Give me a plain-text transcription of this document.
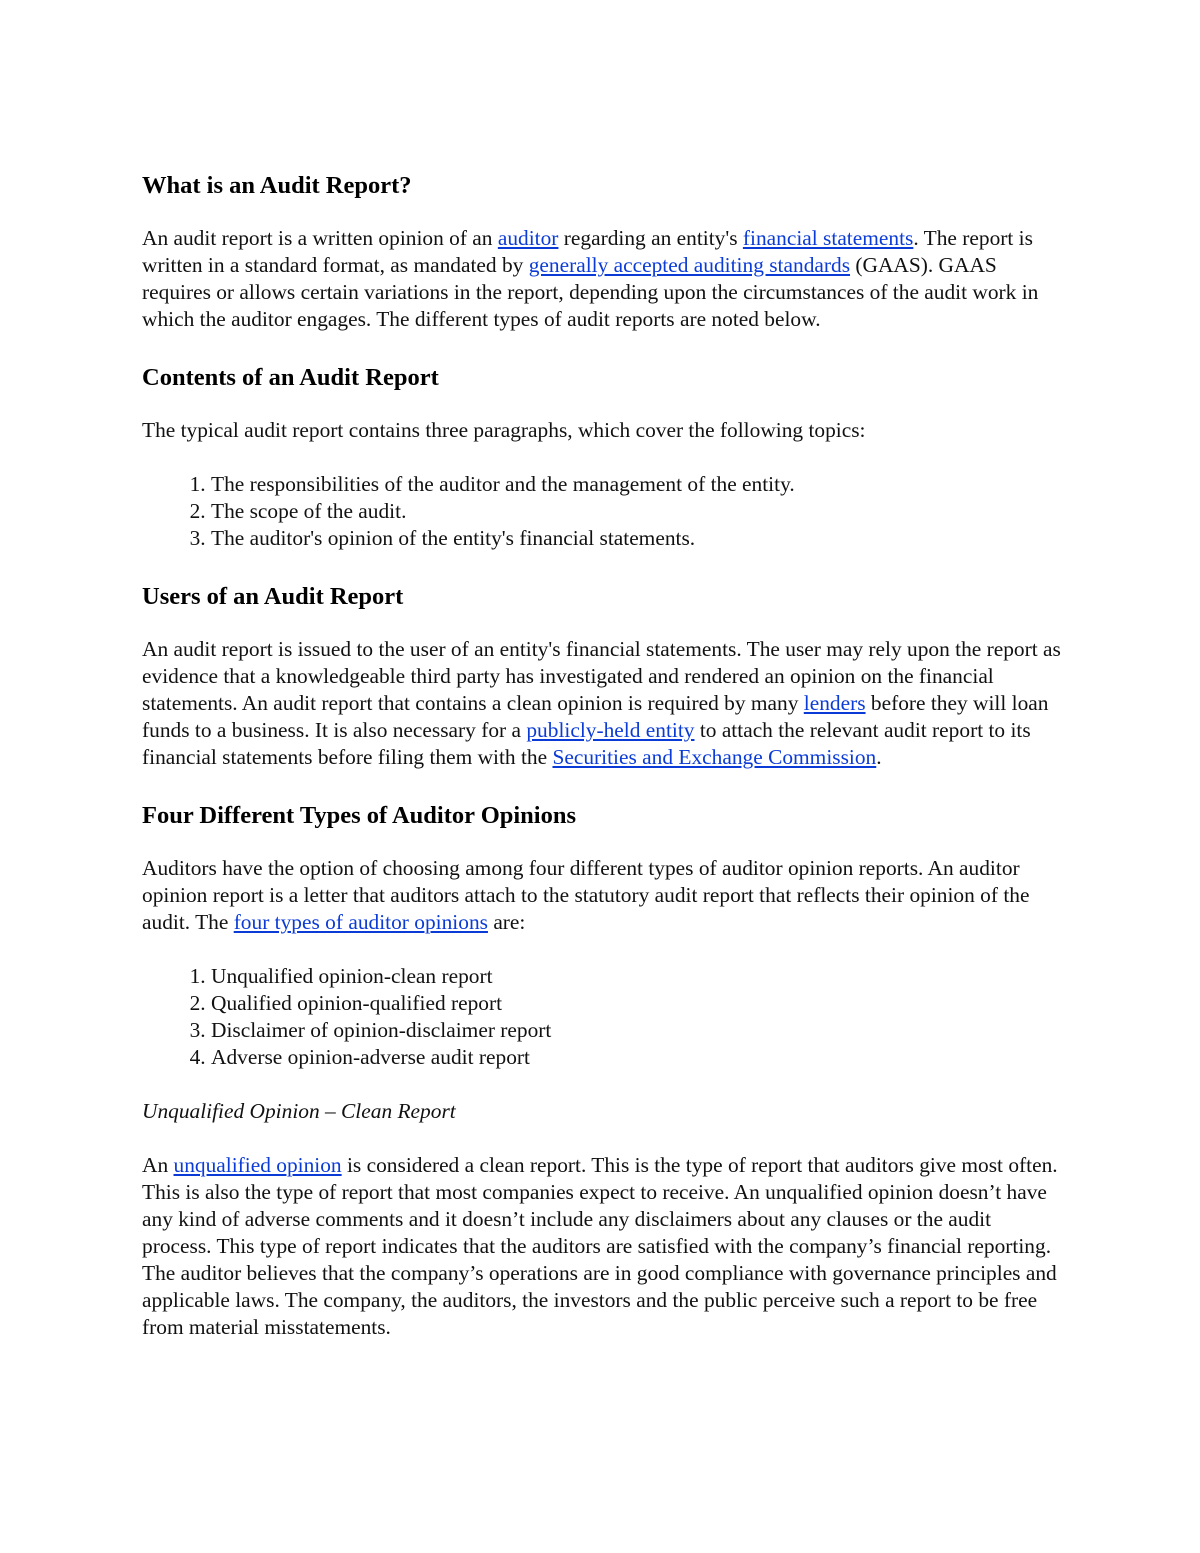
What is an Audit Report?

An audit report is a written opinion of an auditor regarding an entity's financial statements. The report is written in a standard format, as mandated by generally accepted auditing standards (GAAS). GAAS requires or allows certain variations in the report, depending upon the circumstances of the audit work in which the auditor engages. The different types of audit reports are noted below.

Contents of an Audit Report

The typical audit report contains three paragraphs, which cover the following topics:

1. The responsibilities of the auditor and the management of the entity.
2. The scope of the audit.
3. The auditor's opinion of the entity's financial statements.
Users of an Audit Report

An audit report is issued to the user of an entity's financial statements. The user may rely upon the report as evidence that a knowledgeable third party has investigated and rendered an opinion on the financial statements. An audit report that contains a clean opinion is required by many lenders before they will loan funds to a business. It is also necessary for a publicly-held entity to attach the relevant audit report to its financial statements before filing them with the Securities and Exchange Commission.

Four Different Types of Auditor Opinions

Auditors have the option of choosing among four different types of auditor opinion reports. An auditor opinion report is a letter that auditors attach to the statutory audit report that reflects their opinion of the audit. The four types of auditor opinions are:

1. Unqualified opinion-clean report
2. Qualified opinion-qualified report
3. Disclaimer of opinion-disclaimer report
4. Adverse opinion-adverse audit report
Unqualified Opinion – Clean Report

An unqualified opinion is considered a clean report. This is the type of report that auditors give most often. This is also the type of report that most companies expect to receive. An unqualified opinion doesn’t have any kind of adverse comments and it doesn’t include any disclaimers about any clauses or the audit process. This type of report indicates that the auditors are satisfied with the company’s financial reporting. The auditor believes that the company’s operations are in good compliance with governance principles and applicable laws. The company, the auditors, the investors and the public perceive such a report to be free from material misstatements.
